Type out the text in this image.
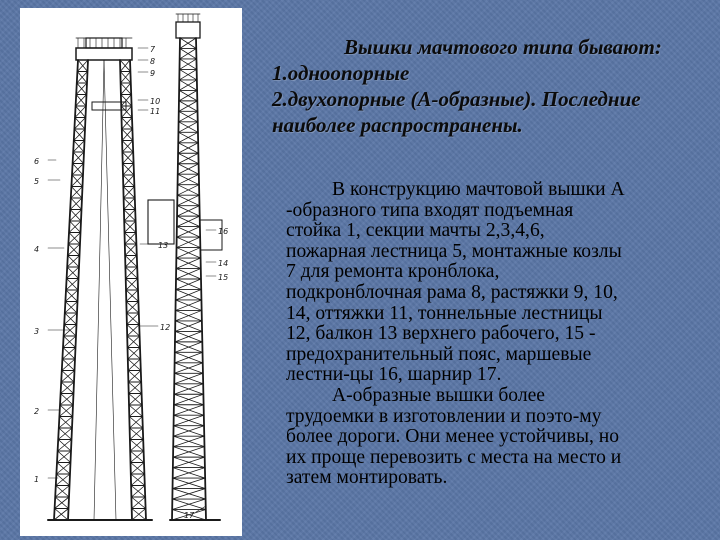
7
8
9
10
11
6
5
4
3
2
1
12
13
14
15
16
17
Вышки мачтового типа бывают:
1.одноопорные
2.двухопорные (А-образные). Последние
наиболее распространены.

В конструкцию мачтовой вышки А
-образного типа входят подъемная
стойка 1, секции мачты 2,3,4,6,
пожарная лестница 5, монтажные козлы
7 для ремонта кронблока,
подкронблочная рама 8, растяжки 9, 10,
14, оттяжки 11, тоннельные лестницы
12, балкон 13 верхнего рабочего, 15 -
предохранительный пояс, маршевые
лестни-цы 16, шарнир 17.

А-образные вышки более
трудоемки в изготовлении и поэто-му
более дороги. Они менее устойчивы, но
их проще перевозить с места на место и
затем монтировать.
